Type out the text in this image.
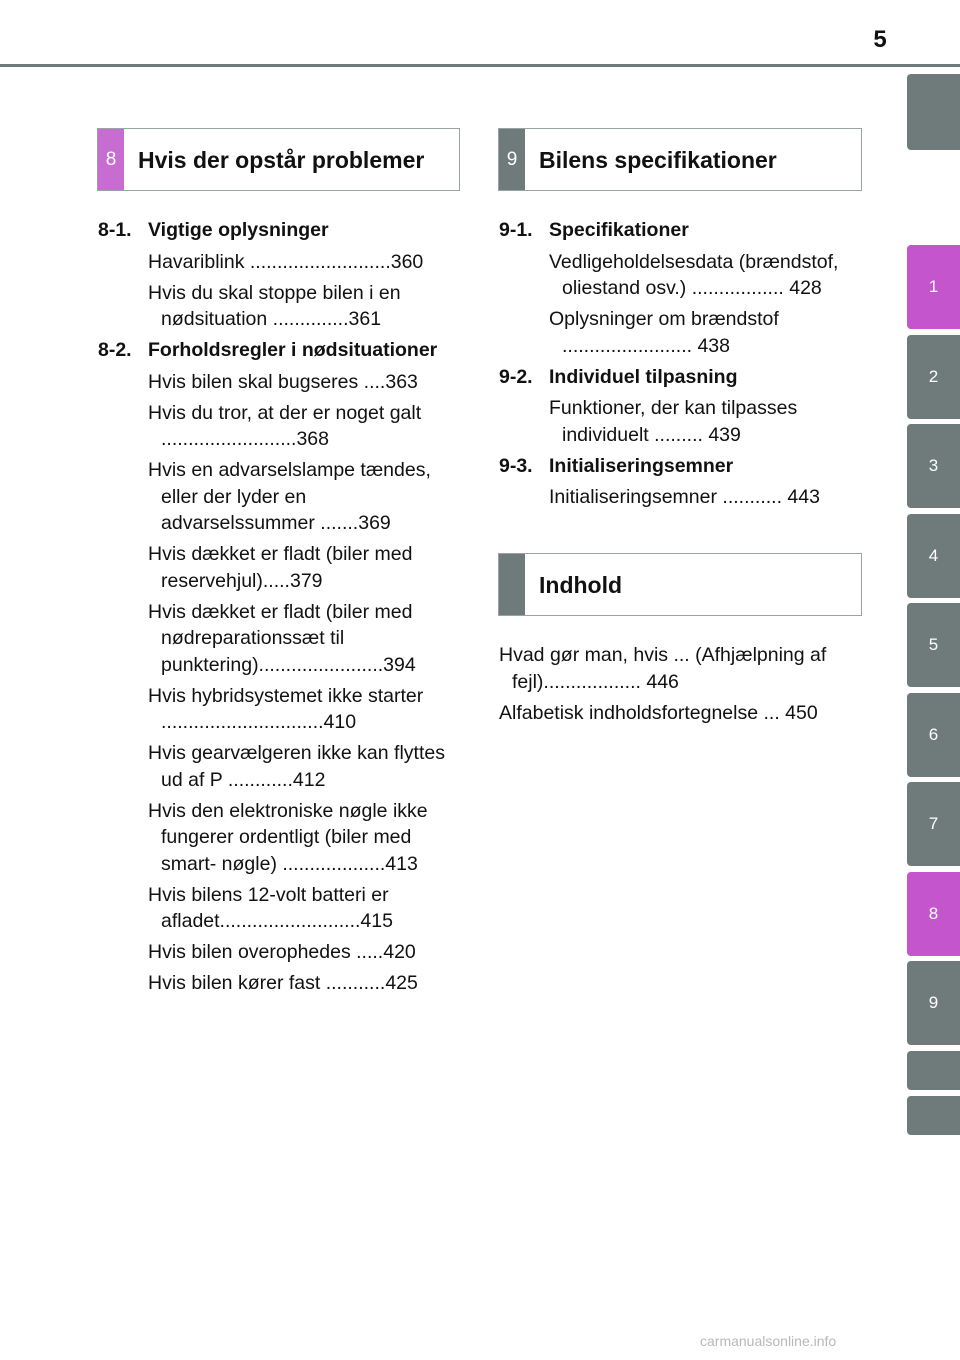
5
1
2
3
4
5
6
7
8
9
8 Hvis der opstår problemer	9 Bilens specifikationer
8-1. Vigtige oplysninger
Havariblink ..........................360
Hvis du skal stoppe bilen i en nødsituation ..............361
8-2. Forholdsregler i nødsituationer
Hvis bilen skal bugseres ....363
Hvis du tror, at der er noget galt .........................368
Hvis en advarselslampe tændes, eller der lyder en advarselssummer .......369
Hvis dækket er fladt (biler med reservehjul).....379
Hvis dækket er fladt (biler med nødreparationssæt til punktering).......................394
Hvis hybridsystemet ikke starter ..............................410
Hvis gearvælgeren ikke kan flyttes ud af P ............412
Hvis den elektroniske nøgle ikke fungerer ordentligt (biler med smart- nøgle) ...................413
Hvis bilens 12-volt batteri er afladet..........................415
Hvis bilen overophedes .....420
Hvis bilen kører fast ...........425
9-1. Specifikationer
Vedligeholdelsesdata (brændstof, oliestand osv.) ................. 428
Oplysninger om brændstof ........................ 438
9-2. Individuel tilpasning
Funktioner, der kan tilpasses individuelt ......... 439
9-3. Initialiseringsemner
Initialiseringsemner ........... 443
Indhold
Hvad gør man, hvis ... (Afhjælpning af fejl).................. 446
Alfabetisk indholdsfortegnelse ... 450
carmanualsonline.info
